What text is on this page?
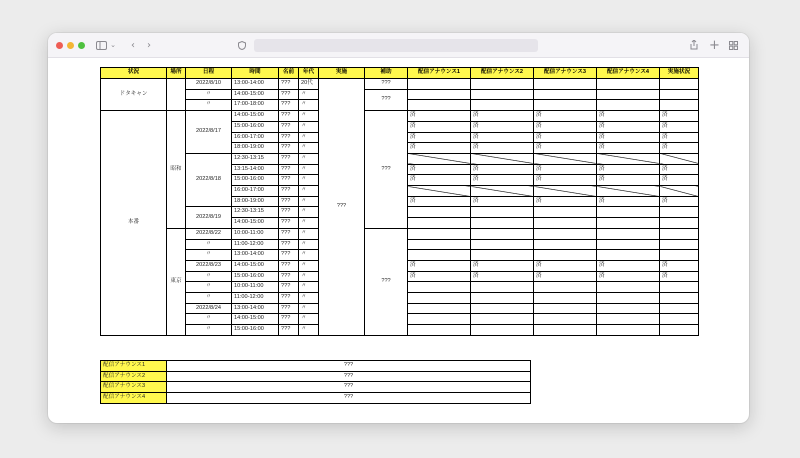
⌄	‹	›	+
状況	場所	日程	時間	名前	年代	実施	補助	配信アナウンス1	配信アナウンス2	配信アナウンス3	配信アナウンス4	実施状況
ドタキャン		2022/8/10	13:00-14:00	???	20代	???	???					
		〃	14:00-15:00	???	〃		???					
		〃	17:00-18:00	???	〃							
本番	昭和	2022/8/17	14:00-15:00	???	〃		???	済	済	済	済	済
			15:00-16:00	???	〃			済	済	済	済	済
			16:00-17:00	???	〃			済	済	済	済	済
			18:00-19:00	???	〃			済	済	済	済	済
		2022/8/18	12:30-13:15	???	〃							
			13:15-14:00	???	〃			済	済	済	済	済
			15:00-16:00	???	〃			済	済	済	済	済
			16:00-17:00	???	〃							
			18:00-19:00	???	〃			済	済	済	済	済
		2022/8/19	12:30-13:15	???	〃							
			14:00-15:00	???	〃							
	東京	2022/8/22	10:00-11:00	???	〃		???					
		〃	11:00-12:00	???	〃							
		〃	13:00-14:00	???	〃							
		2022/8/23	14:00-15:00	???	〃			済	済	済	済	済
		〃	15:00-16:00	???	〃			済	済	済	済	済
		〃	10:00-11:00	???	〃							
		〃	11:00-12:00	???	〃							
		2022/8/24	13:00-14:00	???	〃							
		〃	14:00-15:00	???	〃							
		〃	15:00-16:00	???	〃							
配信アナウンス1	???
配信アナウンス2	???
配信アナウンス3	???
配信アナウンス4	???
